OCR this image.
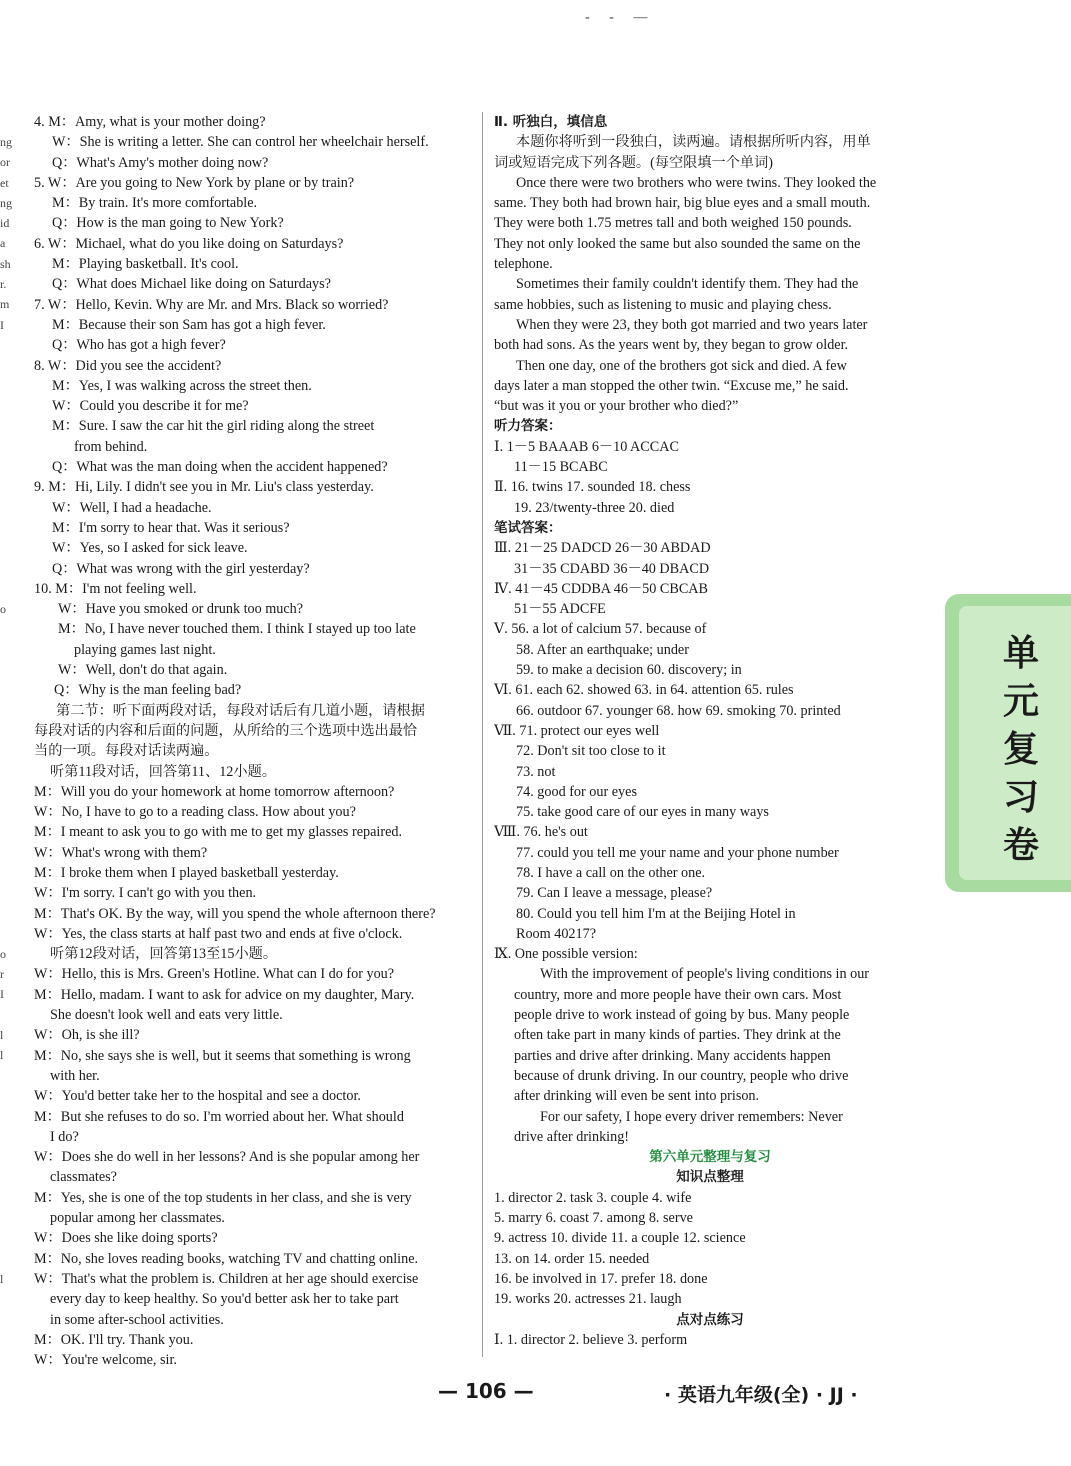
‐ ‐ —
ng
or
et
ng
id
a
sh
r.
m
I
o
o
r
I
l
l
l
4. M：Amy, what is your mother doing?
W：She is writing a letter. She can control her wheelchair herself.
Q：What's Amy's mother doing now?
5. W：Are you going to New York by plane or by train?
M：By train. It's more comfortable.
Q：How is the man going to New York?
6. W：Michael, what do you like doing on Saturdays?
M：Playing basketball. It's cool.
Q：What does Michael like doing on Saturdays?
7. W：Hello, Kevin. Why are Mr. and Mrs. Black so worried?
M：Because their son Sam has got a high fever.
Q：Who has got a high fever?
8. W：Did you see the accident?
M：Yes, I was walking across the street then.
W：Could you describe it for me?
M：Sure. I saw the car hit the girl riding along the street
from behind.
Q：What was the man doing when the accident happened?
9. M：Hi, Lily. I didn't see you in Mr. Liu's class yesterday.
W：Well, I had a headache.
M：I'm sorry to hear that. Was it serious?
W：Yes, so I asked for sick leave.
Q：What was wrong with the girl yesterday?
10. M：I'm not feeling well.
W：Have you smoked or drunk too much?
M：No, I have never touched them. I think I stayed up too late
playing games last night.
W：Well, don't do that again.
Q：Why is the man feeling bad?
第二节：听下面两段对话，每段对话后有几道小题，请根据
每段对话的内容和后面的问题，从所给的三个选项中选出最恰
当的一项。每段对话读两遍。
听第11段对话，回答第11、12小题。
M：Will you do your homework at home tomorrow afternoon?
W：No, I have to go to a reading class. How about you?
M：I meant to ask you to go with me to get my glasses repaired.
W：What's wrong with them?
M：I broke them when I played basketball yesterday.
W：I'm sorry. I can't go with you then.
M：That's OK. By the way, will you spend the whole afternoon there?
W：Yes, the class starts at half past two and ends at five o'clock.
听第12段对话，回答第13至15小题。
W：Hello, this is Mrs. Green's Hotline. What can I do for you?
M：Hello, madam. I want to ask for advice on my daughter, Mary.
She doesn't look well and eats very little.
W：Oh, is she ill?
M：No, she says she is well, but it seems that something is wrong
with her.
W：You'd better take her to the hospital and see a doctor.
M：But she refuses to do so. I'm worried about her. What should
I do?
W：Does she do well in her lessons? And is she popular among her
classmates?
M：Yes, she is one of the top students in her class, and she is very
popular among her classmates.
W：Does she like doing sports?
M：No, she loves reading books, watching TV and chatting online.
W：That's what the problem is. Children at her age should exercise
every day to keep healthy. So you'd better ask her to take part
in some after-school activities.
M：OK. I'll try. Thank you.
W：You're welcome, sir.
Ⅱ. 听独白，填信息
本题你将听到一段独白，读两遍。请根据所听内容，用单
词或短语完成下列各题。(每空限填一个单词)
Once there were two brothers who were twins. They looked the
same. They both had brown hair, big blue eyes and a small mouth.
They were both 1.75 metres tall and both weighed 150 pounds.
They not only looked the same but also sounded the same on the
telephone.
Sometimes their family couldn't identify them. They had the
same hobbies, such as listening to music and playing chess.
When they were 23, they both got married and two years later
both had sons. As the years went by, they began to grow older.
Then one day, one of the brothers got sick and died. A few
days later a man stopped the other twin. “Excuse me,” he said.
“but was it you or your brother who died?”
听力答案：
Ⅰ. 1－5 BAAAB 6－10 ACCAC
11－15 BCABC
Ⅱ. 16. twins 17. sounded 18. chess
19. 23/twenty-three 20. died
笔试答案：
Ⅲ. 21－25 DADCD 26－30 ABDAD
31－35 CDABD 36－40 DBACD
Ⅳ. 41－45 CDDBA 46－50 CBCAB
51－55 ADCFE
Ⅴ. 56. a lot of calcium 57. because of
58. After an earthquake; under
59. to make a decision 60. discovery; in
Ⅵ. 61. each 62. showed 63. in 64. attention 65. rules
66. outdoor 67. younger 68. how 69. smoking 70. printed
Ⅶ. 71. protect our eyes well
72. Don't sit too close to it
73. not
74. good for our eyes
75. take good care of our eyes in many ways
Ⅷ. 76. he's out
77. could you tell me your name and your phone number
78. I have a call on the other one.
79. Can I leave a message, please?
80. Could you tell him I'm at the Beijing Hotel in
Room 40217?
Ⅸ. One possible version:
With the improvement of people's living conditions in our
country, more and more people have their own cars. Most
people drive to work instead of going by bus. Many people
often take part in many kinds of parties. They drink at the
parties and drive after drinking. Many accidents happen
because of drunk driving. In our country, people who drive
after drinking will even be sent into prison.
For our safety, I hope every driver remembers: Never
drive after drinking!
第六单元整理与复习
知识点整理
1. director 2. task 3. couple 4. wife
5. marry 6. coast 7. among 8. serve
9. actress 10. divide 11. a couple 12. science
13. on 14. order 15. needed
16. be involved in 17. prefer 18. done
19. works 20. actresses 21. laugh
点对点练习
Ⅰ. 1. director 2. believe 3. perform
单元复习卷
— 106 —	· 英语九年级(全) · JJ ·
